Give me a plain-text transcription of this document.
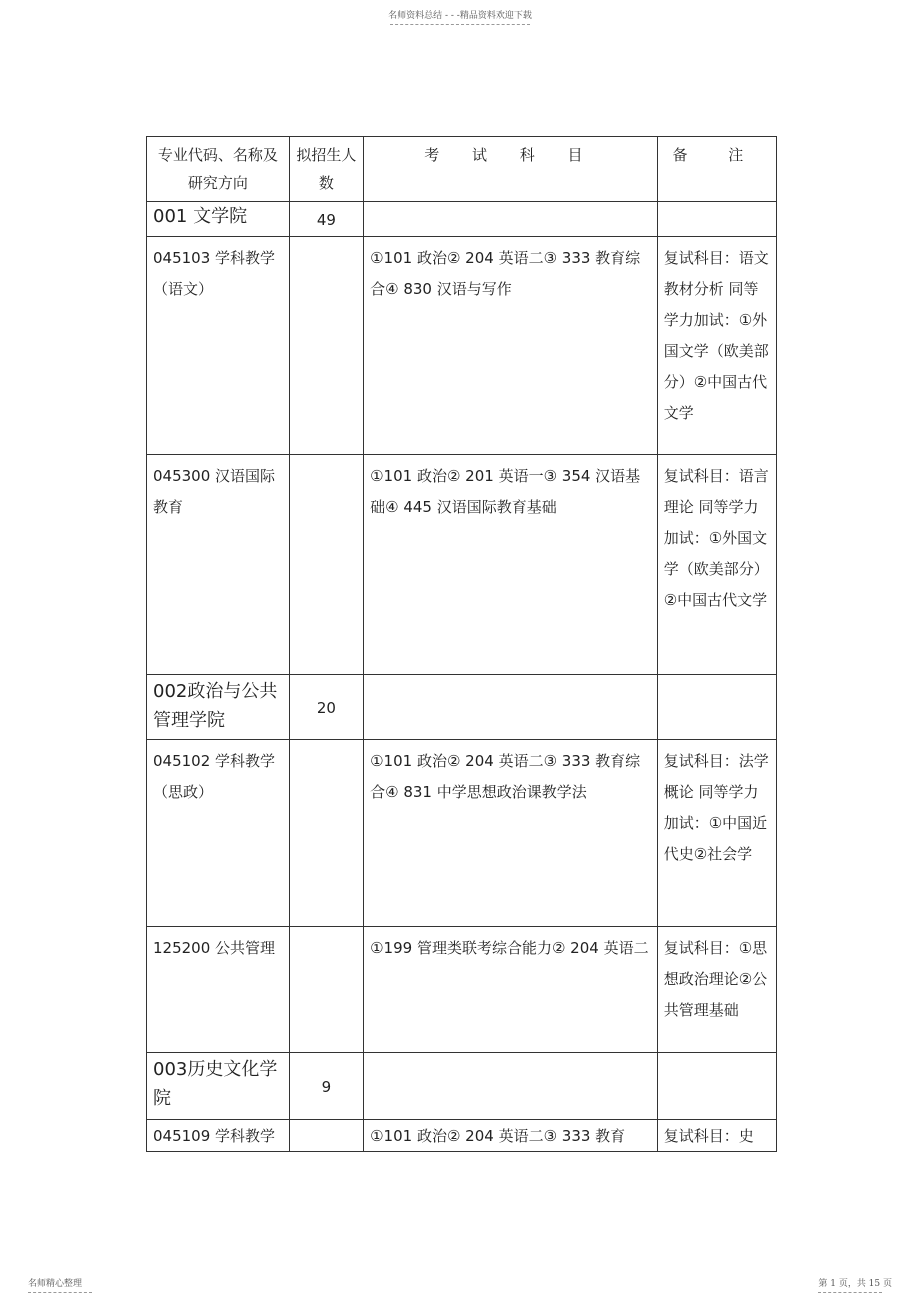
名师资料总结 - - -精品资料欢迎下载
专业代码、名称及研究方向	拟招生人数	考 试 科 目	备 注
001 文学院	49		
045103 学科教学（语文）		①101 政治② 204 英语二③ 333 教育综合④ 830 汉语与写作	复试科目：语文教材分析 同等学力加试：①外国文学（欧美部分）②中国古代文学
045300 汉语国际教育		①101 政治② 201 英语一③ 354 汉语基础④ 445 汉语国际教育基础	复试科目：语言理论 同等学力加试：①外国文学（欧美部分）②中国古代文学
002政治与公共管理学院	20		
045102 学科教学（思政）		①101 政治② 204 英语二③ 333 教育综合④ 831 中学思想政治课教学法	复试科目：法学概论 同等学力加试：①中国近代史②社会学
125200 公共管理		①199 管理类联考综合能力② 204 英语二	复试科目：①思想政治理论②公共管理基础
003历史文化学院	9		
045109 学科教学		①101 政治② 204 英语二③ 333 教育	复试科目：史
名师精心整理	第 1 页，共 15 页
